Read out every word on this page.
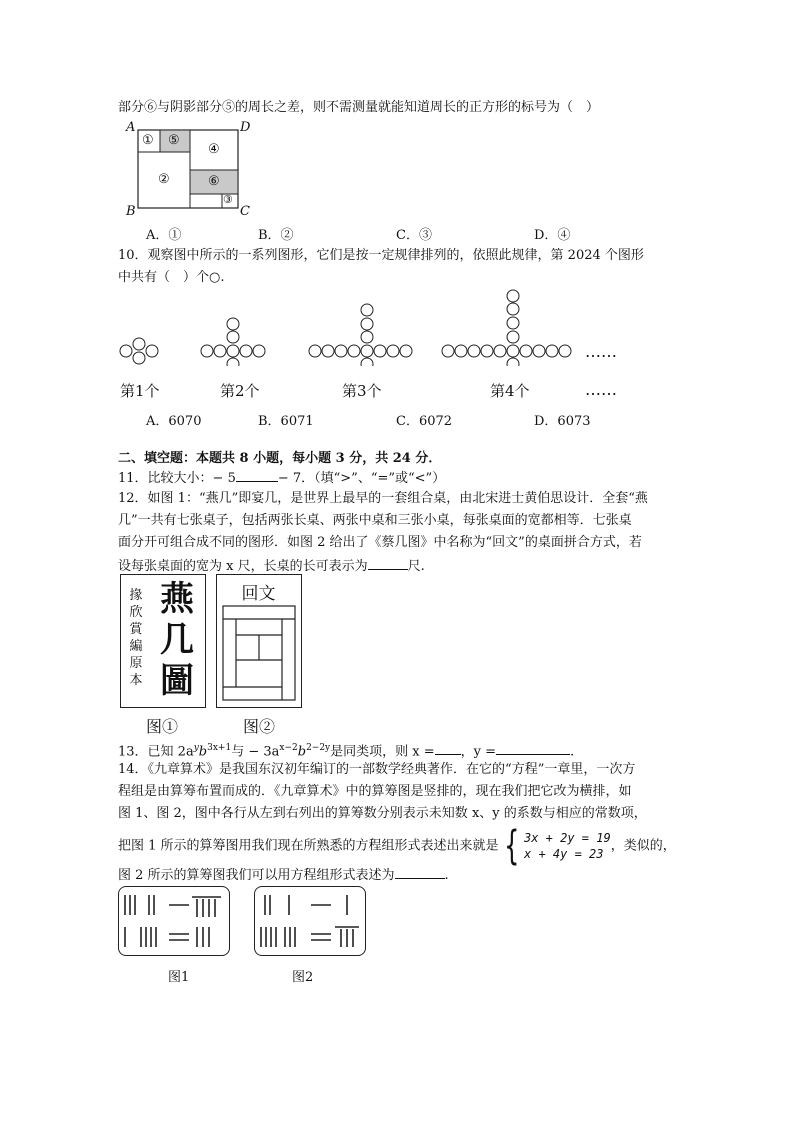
部分⑥与阴影部分⑤的周长之差，则不需测量就能知道周长的正方形的标号为（　）
A
B	C
D
① ⑤
②
④
⑥
③
A．①	B．②	C．③	D．④
10．观察图中所示的一系列图形，它们是按一定规律排列的，依照此规律，第 2024 个图形
中共有（　）个○.
……
第1个	第2个	第3个	第4个	……
A．6070	B．6071	C．6072	D．6073
二、填空题：本题共 8 小题，每小题 3 分，共 24 分．
11．比较大小：− 5	− 7．（填“>”、“=”或“<”）
12．如图 1：“燕几”即宴几，是世界上最早的一套组合桌，由北宋进士黄伯思设计．全套“燕
几”一共有七张桌子，包括两张长桌、两张中桌和三张小桌，每张桌面的宽都相等．七张桌
面分开可组合成不同的图形．如图 2 给出了《蔡几图》中名称为“回文”的桌面拼合方式，若
设每张桌面的宽为 x 尺，长桌的长可表示为	尺.
掾
欣
賞
編
原
本
燕
几
圖
回文
图①	图②
13．已知 $2a^yb^{3x+1}$与 − $3a^{x-2}b^{2-2y}$是同类项，则 x = ，y =	.
14．《九章算术》是我国东汉初年编订的一部数学经典著作．在它的“方程”一章里，一次方
程组是由算筹布置而成的．《九章算术》中的算筹图是竖排的，现在我们把它改为横排，如
图 1、图 2，图中各行从左到右列出的算筹数分别表示未知数 x、y 的系数与相应的常数项，
把图 1 所示的算筹图用我们现在所熟悉的方程组形式表述出来就是 { 3x + 2y = 19
x + 4y = 23
，类似的，
图 2 所示的算筹图我们可以用方程组形式表述为	.
图1	图2
